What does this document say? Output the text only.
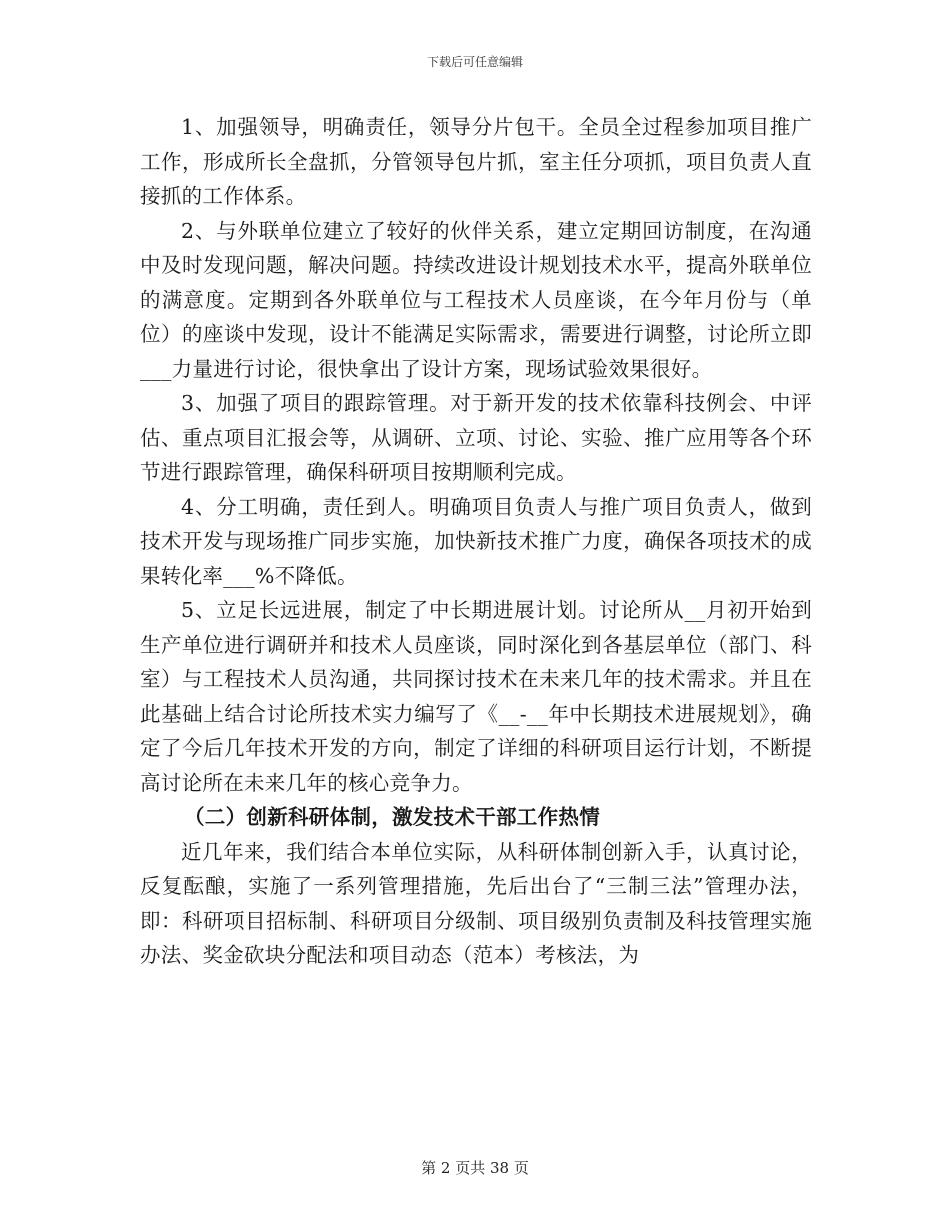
下载后可任意编辑

1、加强领导，明确责任，领导分片包干。全员全过程参加项目推广工作，形成所长全盘抓，分管领导包片抓，室主任分项抓，项目负责人直接抓的工作体系。

2、与外联单位建立了较好的伙伴关系，建立定期回访制度，在沟通中及时发现问题，解决问题。持续改进设计规划技术水平，提高外联单位的满意度。定期到各外联单位与工程技术人员座谈，在今年月份与（单位）的座谈中发现，设计不能满足实际需求，需要进行调整，讨论所立即___力量进行讨论，很快拿出了设计方案，现场试验效果很好。

3、加强了项目的跟踪管理。对于新开发的技术依靠科技例会、中评估、重点项目汇报会等，从调研、立项、讨论、实验、推广应用等各个环节进行跟踪管理，确保科研项目按期顺利完成。

4、分工明确，责任到人。明确项目负责人与推广项目负责人，做到技术开发与现场推广同步实施，加快新技术推广力度，确保各项技术的成果转化率___%不降低。

5、立足长远进展，制定了中长期进展计划。讨论所从__月初开始到生产单位进行调研并和技术人员座谈，同时深化到各基层单位（部门、科室）与工程技术人员沟通，共同探讨技术在未来几年的技术需求。并且在此基础上结合讨论所技术实力编写了《__-__年中长期技术进展规划》，确定了今后几年技术开发的方向，制定了详细的科研项目运行计划，不断提高讨论所在未来几年的核心竞争力。

（二）创新科研体制，激发技术干部工作热情

近几年来，我们结合本单位实际，从科研体制创新入手，认真讨论，反复酝酿，实施了一系列管理措施，先后出台了“三制三法”管理办法，即：科研项目招标制、科研项目分级制、项目级别负责制及科技管理实施办法、奖金砍块分配法和项目动态（范本）考核法，为

第 2 页共 38 页
